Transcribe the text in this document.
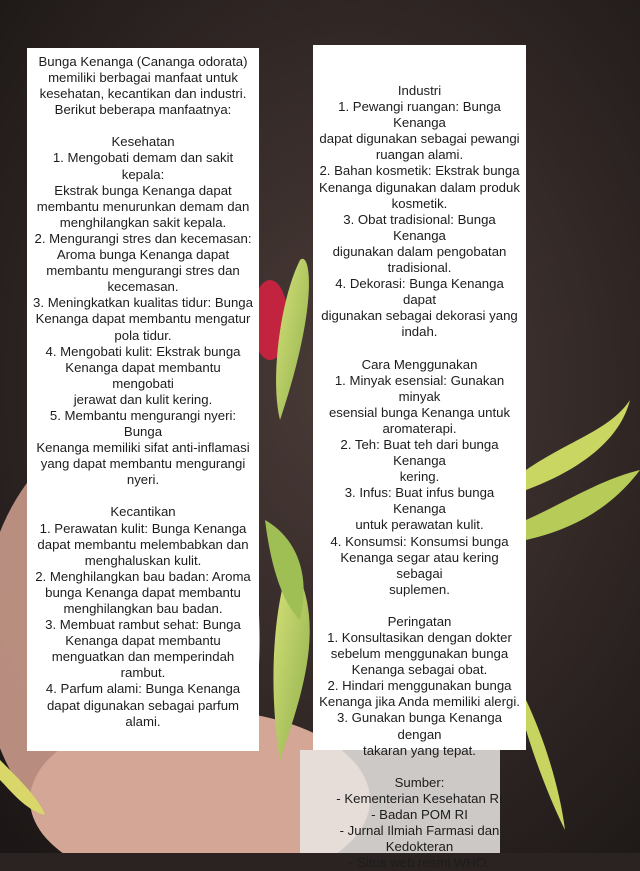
Bunga Kenanga (Cananga odorata)
memiliki berbagai manfaat untuk
kesehatan, kecantikan dan industri.
Berikut beberapa manfaatnya:

Kesehatan

1. Mengobati demam dan sakit kepala:
Ekstrak bunga Kenanga dapat
membantu menurunkan demam dan
menghilangkan sakit kepala.

2. Mengurangi stres dan kecemasan:
Aroma bunga Kenanga dapat
membantu mengurangi stres dan
kecemasan.

3. Meningkatkan kualitas tidur: Bunga
Kenanga dapat membantu mengatur
pola tidur.

4. Mengobati kulit: Ekstrak bunga
Kenanga dapat membantu mengobati
jerawat dan kulit kering.

5. Membantu mengurangi nyeri: Bunga
Kenanga memiliki sifat anti-inflamasi
yang dapat membantu mengurangi
nyeri.

Kecantikan

1. Perawatan kulit: Bunga Kenanga
dapat membantu melembabkan dan
menghaluskan kulit.

2. Menghilangkan bau badan: Aroma
bunga Kenanga dapat membantu
menghilangkan bau badan.

3. Membuat rambut sehat: Bunga
Kenanga dapat membantu
menguatkan dan memperindah
rambut.

4. Parfum alami: Bunga Kenanga
dapat digunakan sebagai parfum
alami.

Industri

1. Pewangi ruangan: Bunga Kenanga
dapat digunakan sebagai pewangi
ruangan alami.

2. Bahan kosmetik: Ekstrak bunga
Kenanga digunakan dalam produk
kosmetik.

3. Obat tradisional: Bunga Kenanga
digunakan dalam pengobatan
tradisional.

4. Dekorasi: Bunga Kenanga dapat
digunakan sebagai dekorasi yang
indah.

Cara Menggunakan

1. Minyak esensial: Gunakan minyak
esensial bunga Kenanga untuk
aromaterapi.

2. Teh: Buat teh dari bunga Kenanga
kering.

3. Infus: Buat infus bunga Kenanga
untuk perawatan kulit.

4. Konsumsi: Konsumsi bunga
Kenanga segar atau kering sebagai
suplemen.

Peringatan

1. Konsultasikan dengan dokter
sebelum menggunakan bunga
Kenanga sebagai obat.

2. Hindari menggunakan bunga
Kenanga jika Anda memiliki alergi.

3. Gunakan bunga Kenanga dengan
takaran yang tepat.

Sumber:

- Kementerian Kesehatan RI

- Badan POM RI

- Jurnal Ilmiah Farmasi dan
Kedokteran

- Situs web resmi WHO.
